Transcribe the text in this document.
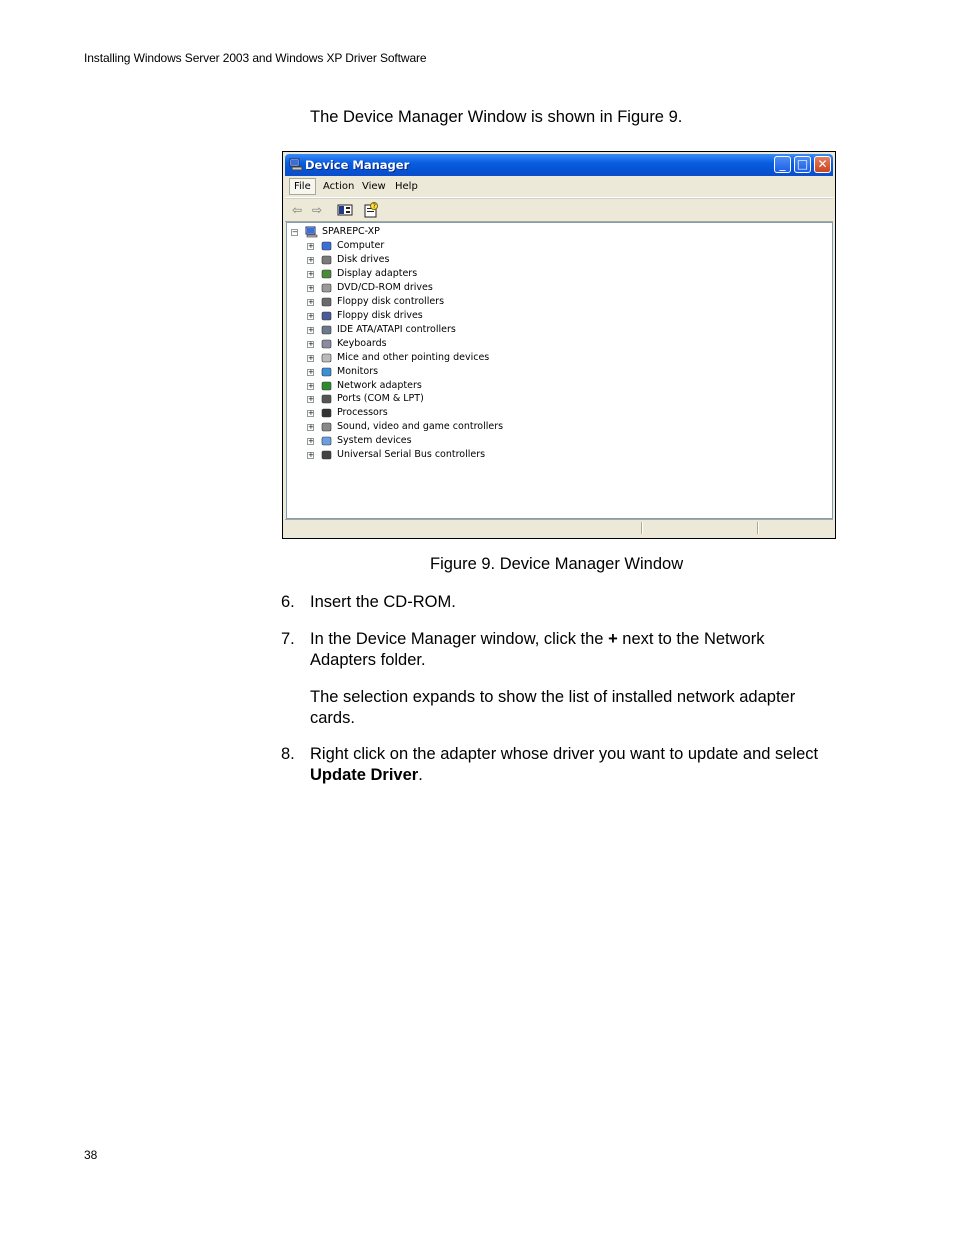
Installing Windows Server 2003 and Windows XP Driver Software
The Device Manager Window is shown in Figure 9.
Device Manager	_ □ ✕
File	Action View Help
⇦ ⇨	?
−	SPAREPC-XP
+ Computer
+ Disk drives
+ Display adapters
+ DVD/CD-ROM drives
+ Floppy disk controllers
+ Floppy disk drives
+ IDE ATA/ATAPI controllers
+ Keyboards
+ Mice and other pointing devices
+ Monitors
+ Network adapters
+ Ports (COM & LPT)
+ Processors
+ Sound, video and game controllers
+ System devices
+ Universal Serial Bus controllers
Figure 9. Device Manager Window
6. Insert the CD-ROM.
7. In the Device Manager window, click the + next to the Network Adapters folder.
The selection expands to show the list of installed network adapter cards.
8. Right click on the adapter whose driver you want to update and select Update Driver.
38
